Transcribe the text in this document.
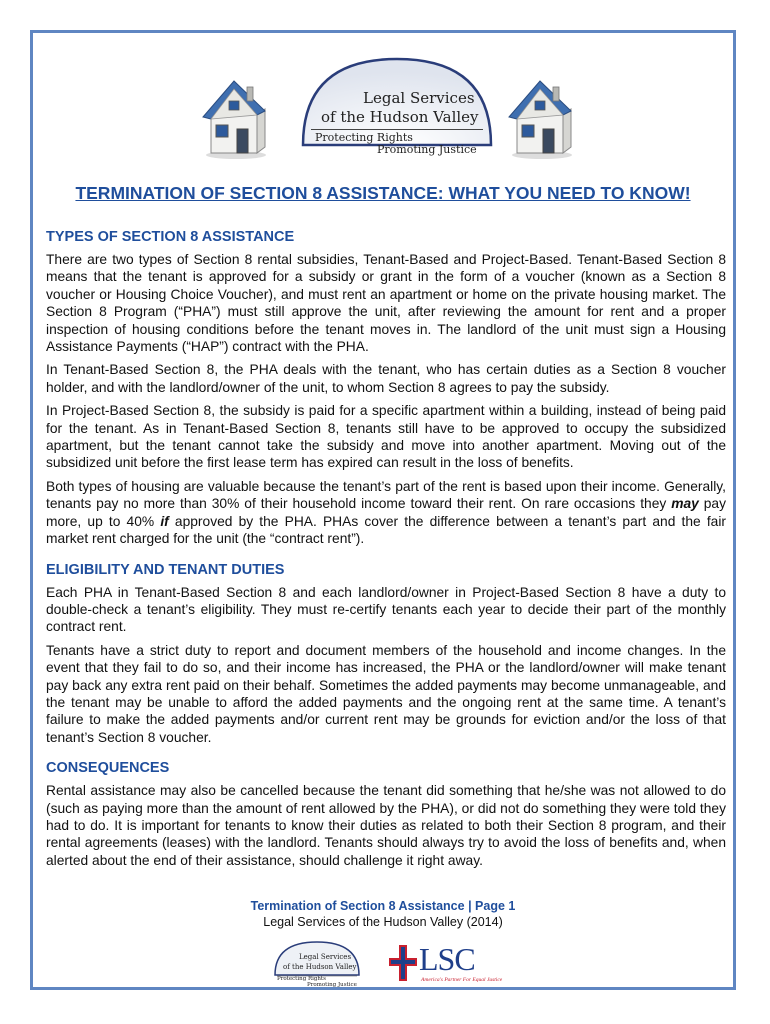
Legal Services
of the Hudson Valley
Protecting Rights
Promoting Justice
TERMINATION OF SECTION 8 ASSISTANCE: WHAT YOU NEED TO KNOW!
TYPES OF SECTION 8 ASSISTANCE

There are two types of Section 8 rental subsidies, Tenant-Based and Project-Based. Tenant-Based Section 8 means that the tenant is approved for a subsidy or grant in the form of a voucher (known as a Section 8 voucher or Housing Choice Voucher), and must rent an apartment or home on the private housing market. The Section 8 Program (“PHA”) must still approve the unit, after reviewing the amount for rent and a proper inspection of housing conditions before the tenant moves in. The landlord of the unit must sign a Housing Assistance Payments (“HAP”) contract with the PHA.

In Tenant-Based Section 8, the PHA deals with the tenant, who has certain duties as a Section 8 voucher holder, and with the landlord/owner of the unit, to whom Section 8 agrees to pay the subsidy.

In Project-Based Section 8, the subsidy is paid for a specific apartment within a building, instead of being paid for the tenant. As in Tenant-Based Section 8, tenants still have to be approved to occupy the subsidized apartment, but the tenant cannot take the subsidy and move into another apartment. Moving out of the subsidized unit before the first lease term has expired can result in the loss of benefits.

Both types of housing are valuable because the tenant’s part of the rent is based upon their income. Generally, tenants pay no more than 30% of their household income toward their rent. On rare occasions they may pay more, up to 40% if approved by the PHA. PHAs cover the difference between a tenant’s part and the fair market rent charged for the unit (the “contract rent”).

ELIGIBILITY AND TENANT DUTIES

Each PHA in Tenant-Based Section 8 and each landlord/owner in Project-Based Section 8 have a duty to double-check a tenant’s eligibility. They must re-certify tenants each year to decide their part of the monthly contract rent.

Tenants have a strict duty to report and document members of the household and income changes. In the event that they fail to do so, and their income has increased, the PHA or the landlord/owner will make tenant pay back any extra rent paid on their behalf. Sometimes the added payments may become unmanageable, and the tenant may be unable to afford the added payments and the ongoing rent at the same time. A tenant’s failure to make the added payments and/or current rent may be grounds for eviction and/or the loss of that tenant’s Section 8 voucher.

CONSEQUENCES

Rental assistance may also be cancelled because the tenant did something that he/she was not allowed to do (such as paying more than the amount of rent allowed by the PHA), or did not do something they were told they had to do. It is important for tenants to know their duties as related to both their Section 8 program, and their rental agreements (leases) with the landlord. Tenants should always try to avoid the loss of benefits and, when alerted about the end of their assistance, should challenge it right away.

Termination of Section 8 Assistance | Page 1
Legal Services of the Hudson Valley (2014)
Legal Services
of the Hudson Valley
Protecting Rights
Promoting Justice
LSC
America's Partner For Equal Justice
